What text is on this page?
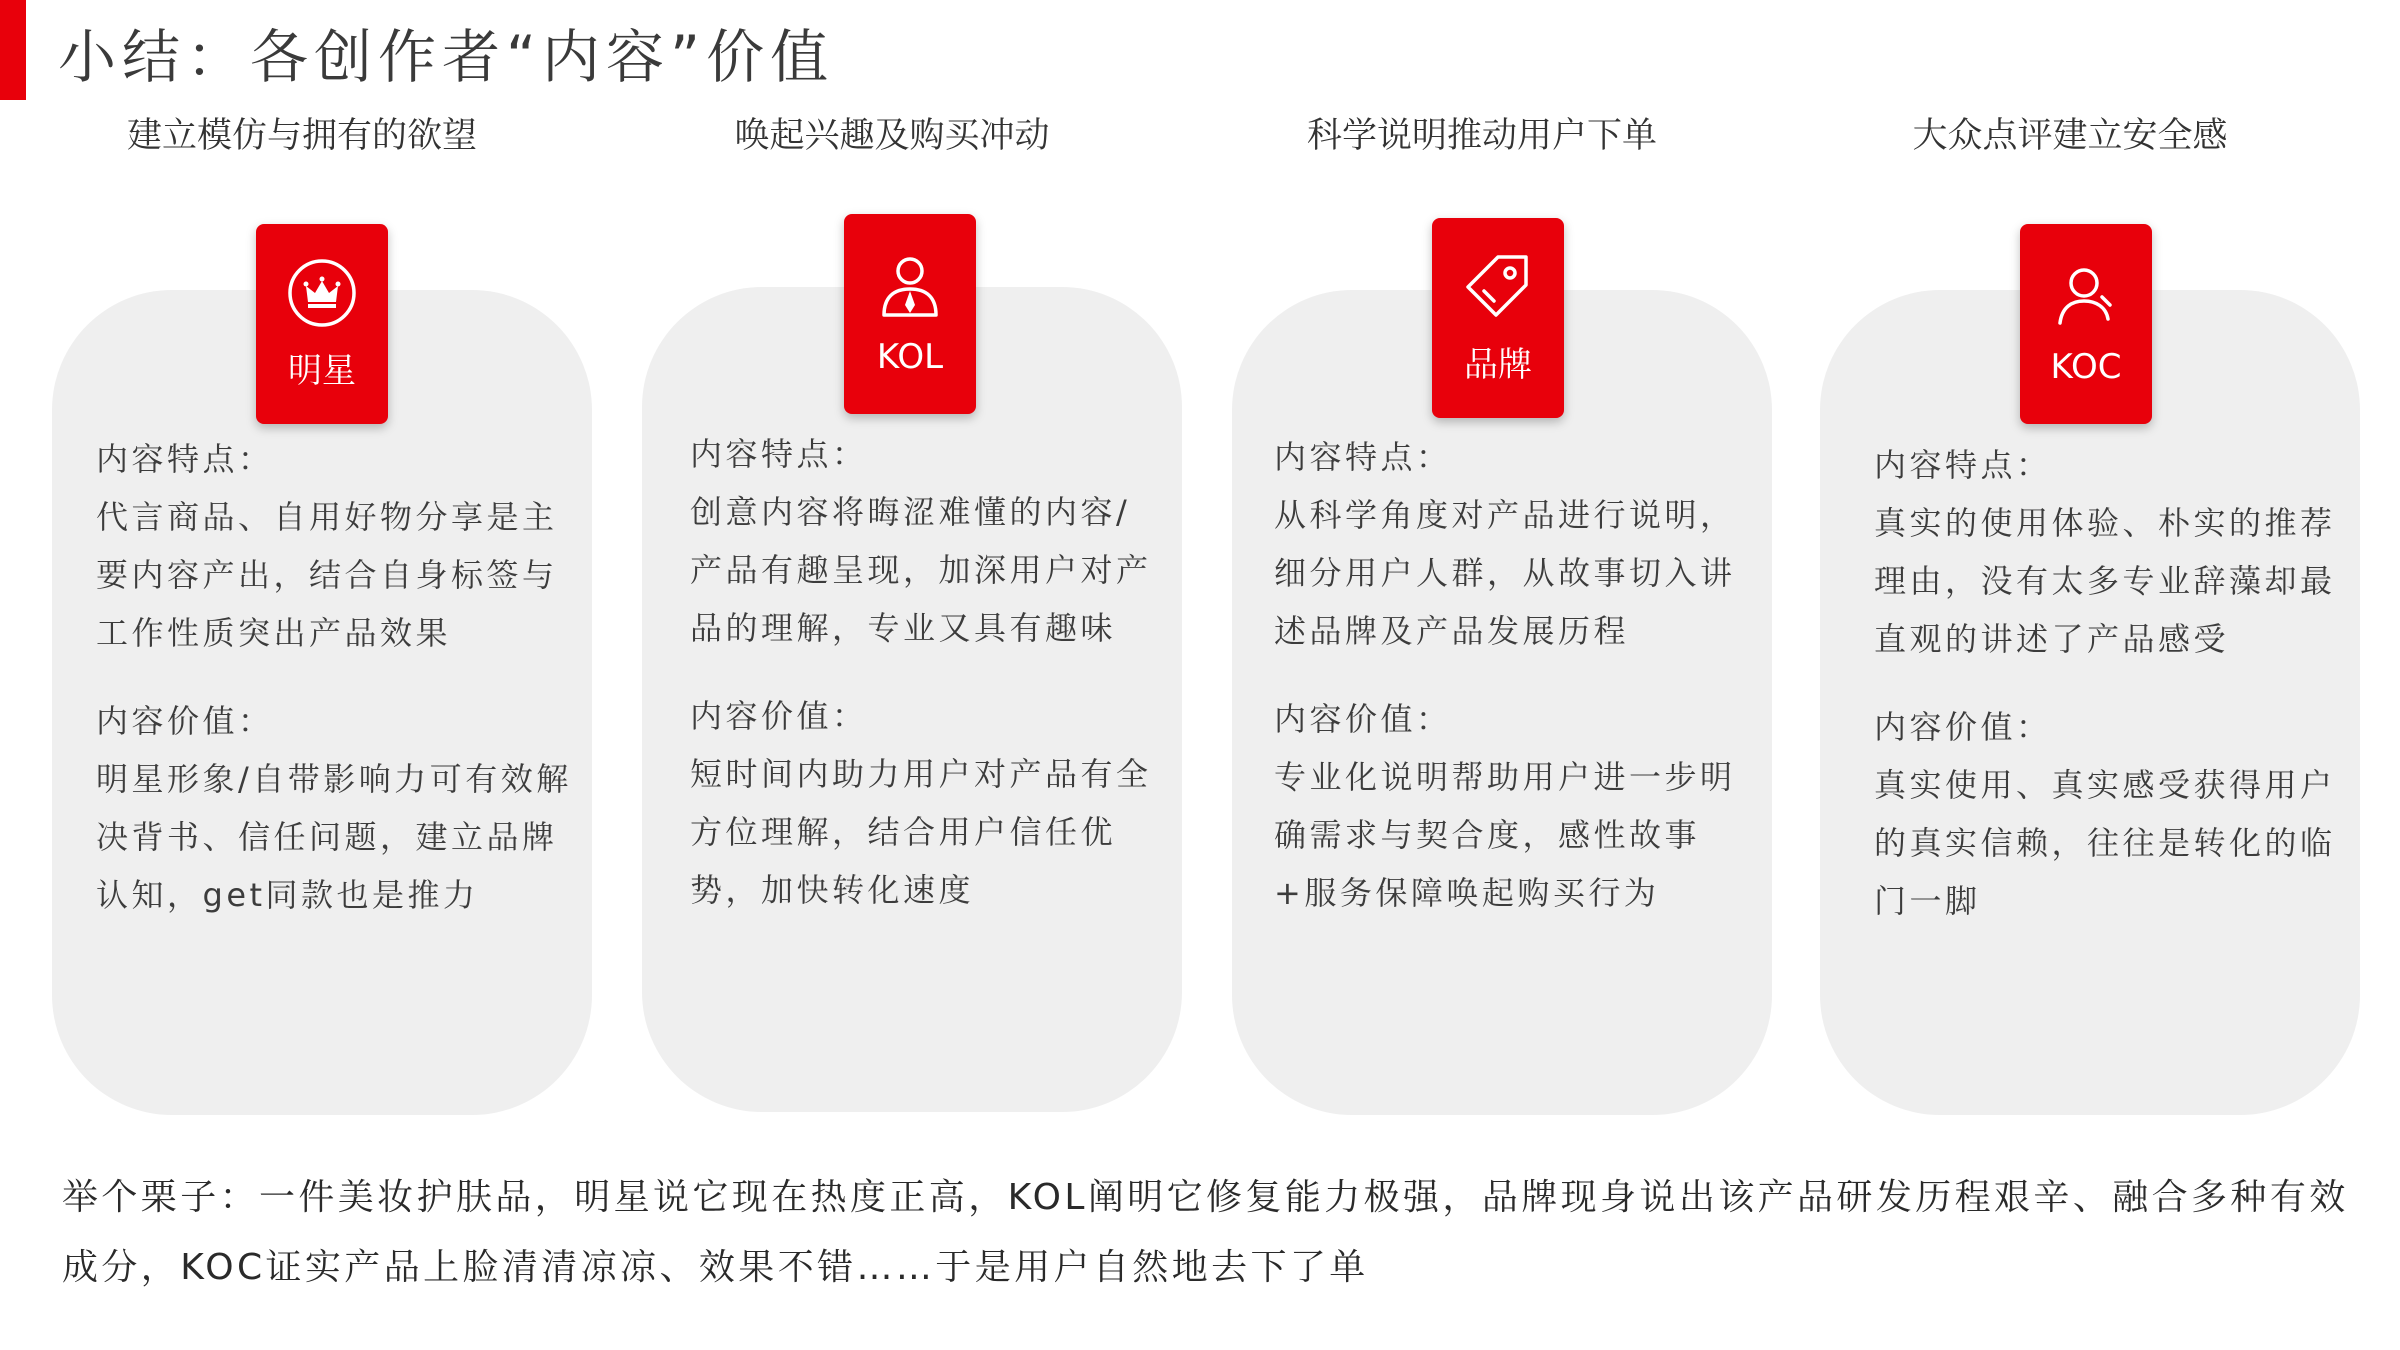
小结：各创作者“内容”价值
建立模仿与拥有的欲望
内容特点：
代言商品、自用好物分享是主要内容产出，结合自身标签与工作性质突出产品效果
内容价值：
明星形象/自带影响力可有效解决背书、信任问题，建立品牌认知，get同款也是推力
明星
唤起兴趣及购买冲动
内容特点：
创意内容将晦涩难懂的内容/产品有趣呈现，加深用户对产品的理解，专业又具有趣味
内容价值：
短时间内助力用户对产品有全方位理解，结合用户信任优势，加快转化速度
KOL
科学说明推动用户下单
内容特点：
从科学角度对产品进行说明，细分用户人群，从故事切入讲述品牌及产品发展历程
内容价值：
专业化说明帮助用户进一步明确需求与契合度，感性故事+服务保障唤起购买行为
品牌
大众点评建立安全感
内容特点：
真实的使用体验、朴实的推荐理由，没有太多专业辞藻却最直观的讲述了产品感受
内容价值：
真实使用、真实感受获得用户的真实信赖，往往是转化的临门一脚
KOC

举个栗子：一件美妆护肤品，明星说它现在热度正高，KOL阐明它修复能力极强，品牌现身说出该产品研发历程艰辛、融合多种有效成分，KOC证实产品上脸清清凉凉、效果不错……于是用户自然地去下了单
